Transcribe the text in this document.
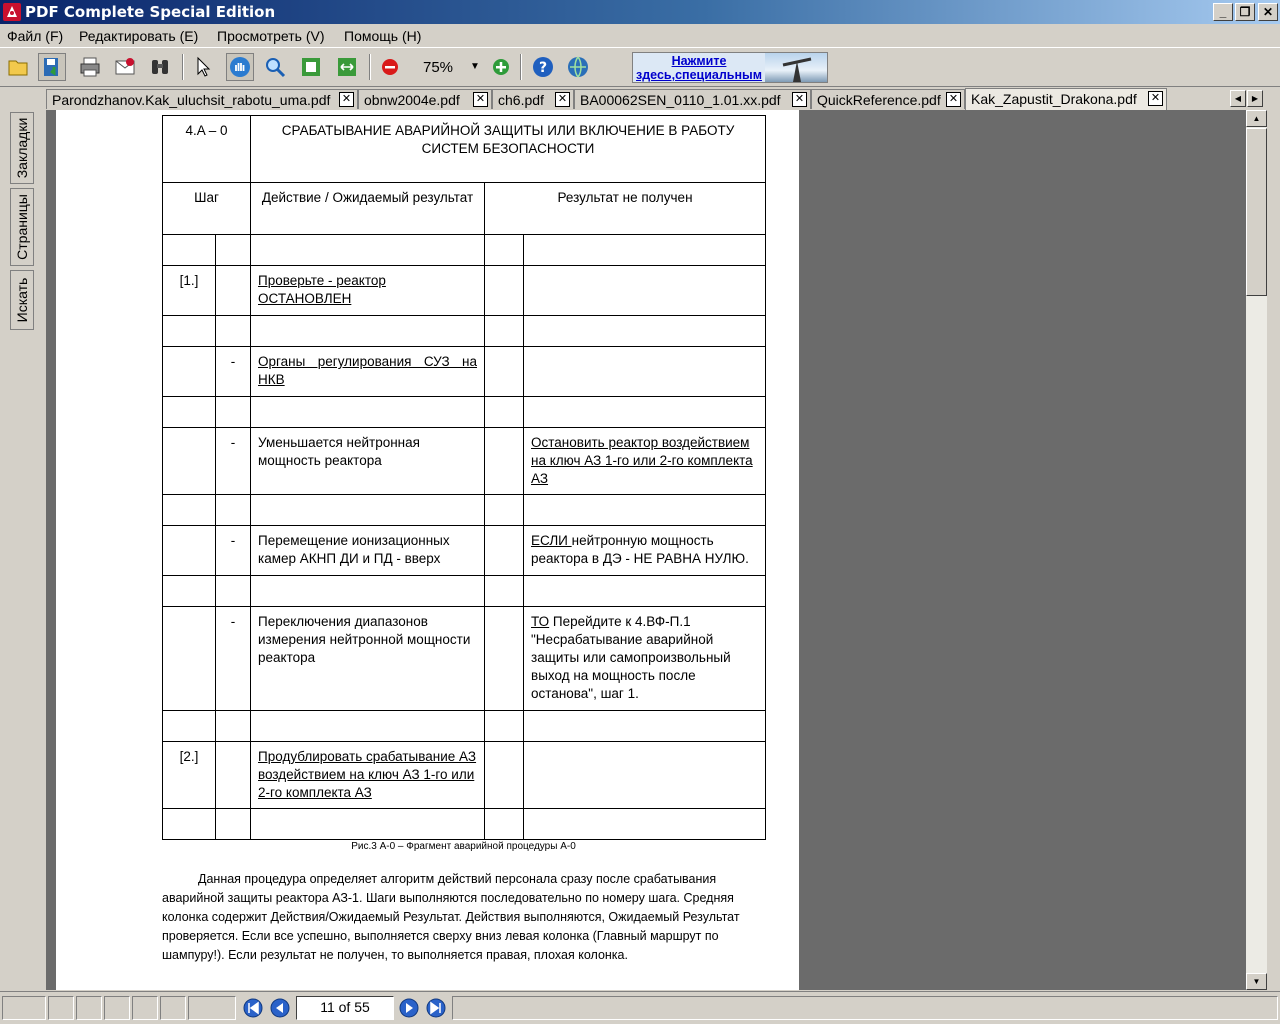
PDF Complete Special Edition	_	❐	✕
Файл (F) Редактировать (E) Просмотреть (V) Помощь (H)
75%	▼	?	Нажмите
здесь,специальным
Parondzhanov.Kak_uluchsit_rabotu_uma.pdf ✕ obnw2004e.pdf ✕ ch6.pdf ✕ BA00062SEN_0110_1.01.xx.pdf ✕ QuickReference.pdf ✕ Kak_Zapustit_Drakona.pdf ✕	◀	▶
Закладки
Страницы
Искать
4.A – 0		СРАБАТЫВАНИЕ АВАРИЙНОЙ ЗАЩИТЫ ИЛИ ВКЛЮЧЕНИЕ В РАБОТУ СИСТЕМ БЕЗОПАСНОСТИ		
Шаг		Действие / Ожидаемый результат	Результат не получен	

[1.]		Проверьте - реактор ОСТАНОВЛЕН		

	-	Органы регулирования СУЗ на НКВ		

	-	Уменьшается нейтронная мощность реактора		Остановить реактор воздействием на ключ АЗ 1-го или 2-го комплекта АЗ

	-	Перемещение ионизационных камер АКНП ДИ и ПД - вверх		ЕСЛИ нейтронную мощность реактора в ДЭ - НЕ РАВНА НУЛЮ.

	-	Переключения диапазонов измерения нейтронной мощности реактора		ТО Перейдите к 4.ВФ-П.1 "Несрабатывание аварийной защиты или самопроизвольный выход на мощность после останова", шаг 1.

[2.]		Продублировать срабатывание АЗ воздействием на ключ АЗ 1-го или 2-го комплекта АЗ		

Рис.3 А-0 – Фрагмент аварийной процедуры А-0
Данная процедура определяет алгоритм действий персонала сразу после срабатывания аварийной защиты реактора АЗ-1. Шаги выполняются последовательно по номеру шага. Средняя колонка содержит Действия/Ожидаемый Результат. Действия выполняются, Ожидаемый Результат проверяется. Если все успешно, выполняется сверху вниз левая колонка (Главный маршрут по шампуру!). Если результат не получен, то выполняется правая, плохая колонка.
▲
▼
11 of 55
